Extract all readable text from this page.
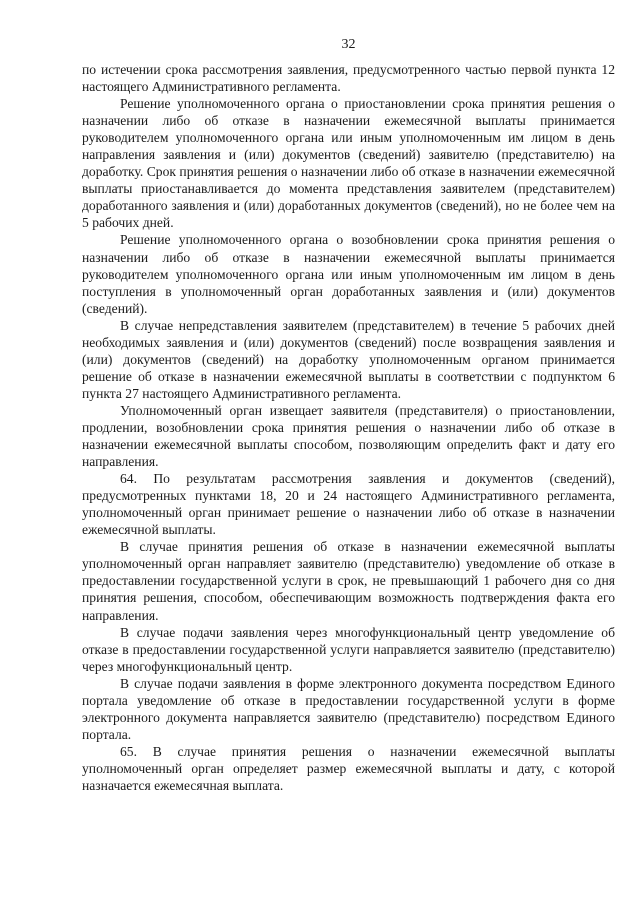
32

по истечении срока рассмотрения заявления, предусмотренного частью первой пункта 12 настоящего Административного регламента.

Решение уполномоченного органа о приостановлении срока принятия решения о назначении либо об отказе в назначении ежемесячной выплаты принимается руководителем уполномоченного органа или иным уполномоченным им лицом в день направления заявления и (или) документов (сведений) заявителю (представителю) на доработку. Срок принятия решения о назначении либо об отказе в назначении ежемесячной выплаты приостанавливается до момента представления заявителем (представителем) доработанного заявления и (или) доработанных документов (сведений), но не более чем на 5 рабочих дней.

Решение уполномоченного органа о возобновлении срока принятия решения о назначении либо об отказе в назначении ежемесячной выплаты принимается руководителем уполномоченного органа или иным уполномоченным им лицом в день поступления в уполномоченный орган доработанных заявления и (или) документов (сведений).

В случае непредставления заявителем (представителем) в течение 5 рабочих дней необходимых заявления и (или) документов (сведений) после возвращения заявления и (или) документов (сведений) на доработку уполномоченным органом принимается решение об отказе в назначении ежемесячной выплаты в соответствии с подпунктом 6 пункта 27 настоящего Административного регламента.

Уполномоченный орган извещает заявителя (представителя) о приостановлении, продлении, возобновлении срока принятия решения о назначении либо об отказе в назначении ежемесячной выплаты способом, позволяющим определить факт и дату его направления.

64. По результатам рассмотрения заявления и документов (сведений), предусмотренных пунктами 18, 20 и 24 настоящего Административного регламента, уполномоченный орган принимает решение о назначении либо об отказе в назначении ежемесячной выплаты.

В случае принятия решения об отказе в назначении ежемесячной выплаты уполномоченный орган направляет заявителю (представителю) уведомление об отказе в предоставлении государственной услуги в срок, не превышающий 1 рабочего дня со дня принятия решения, способом, обеспечивающим возможность подтверждения факта его направления.

В случае подачи заявления через многофункциональный центр уведомление об отказе в предоставлении государственной услуги направляется заявителю (представителю) через многофункциональный центр.

В случае подачи заявления в форме электронного документа посредством Единого портала уведомление об отказе в предоставлении государственной услуги в форме электронного документа направляется заявителю (представителю) посредством Единого портала.

65. В случае принятия решения о назначении ежемесячной выплаты уполномоченный орган определяет размер ежемесячной выплаты и дату, с которой назначается ежемесячная выплата.
